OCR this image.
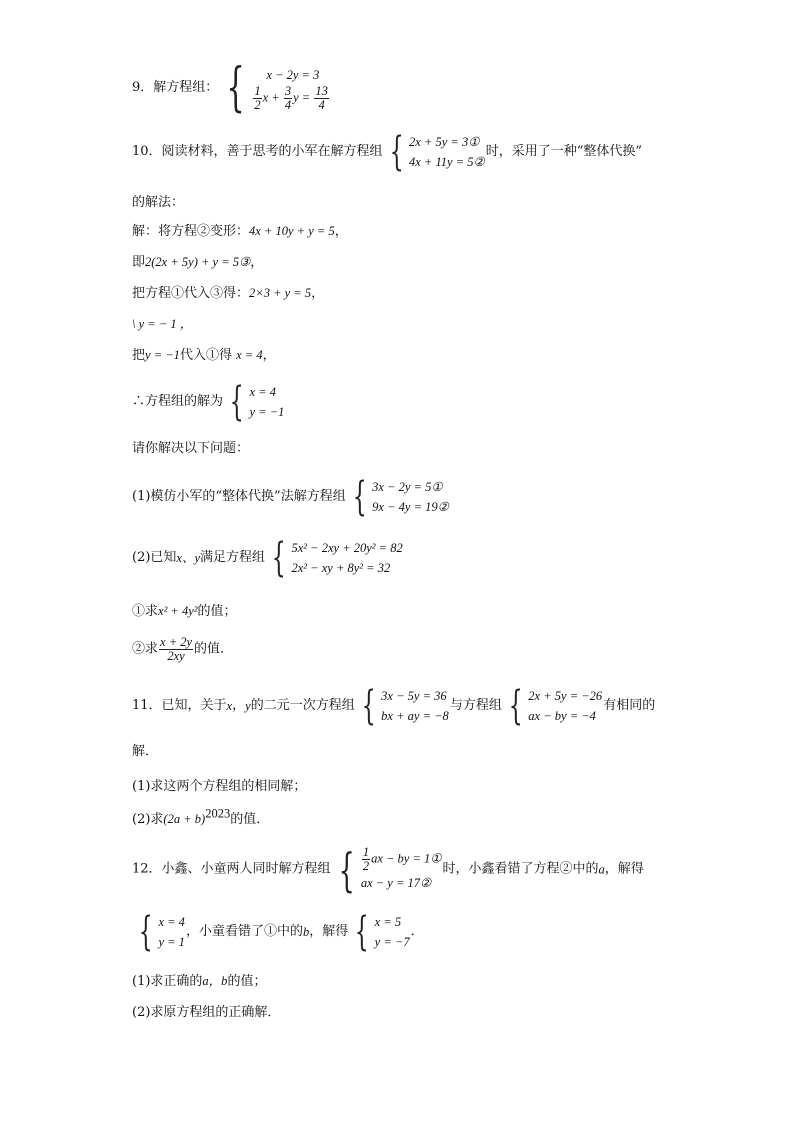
9．解方程组： {	x − 2y = 3
$\frac{1}{2}$ $x + \frac{3}{4}$ $y = \frac{13}{4}$
10．阅读材料，善于思考的小军在解方程组 { 2x + 5y = 3①
4x + 11y = 5②
时，采用了一种“整体代换”
的解法：
解：将方程②变形：4x + 10y + y = 5，
即2(2x + 5y) + y = 5③，
把方程①代入③得：2×3 + y = 5，
\ y = − 1 ，
把y = −1代入①得 x = 4，
∴方程组的解为 { x = 4
y = −1
请你解决以下问题：
(1)模仿小军的“整体代换”法解方程组 { 3x − 2y = 5①
9x − 4y = 19②
(2)已知x、y满足方程组 { 5x² − 2xy + 20y² = 82
2x² − xy + 8y² = 32
①求x² + 4y²的值；
②求 $\frac{x + 2y}{2xy}$ 的值．
11．已知，关于x，y的二元一次方程组 { 3x − 5y = 36
bx + ay = −8
与方程组 { 2x + 5y = −26
ax − by = −4
有相同的
解．
(1)求这两个方程组的相同解；
(2)求$(2a + b)^{2023}$的值．
12．小鑫、小童两人同时解方程组 { $\frac{1}{2}$ ax − by = 1①
ax − y = 17②
时，小鑫看错了方程②中的a，解得
{ x = 4
y = 1
，小童看错了①中的b，解得 { x = 5
y = −7
．
(1)求正确的a，b的值；
(2)求原方程组的正确解．
